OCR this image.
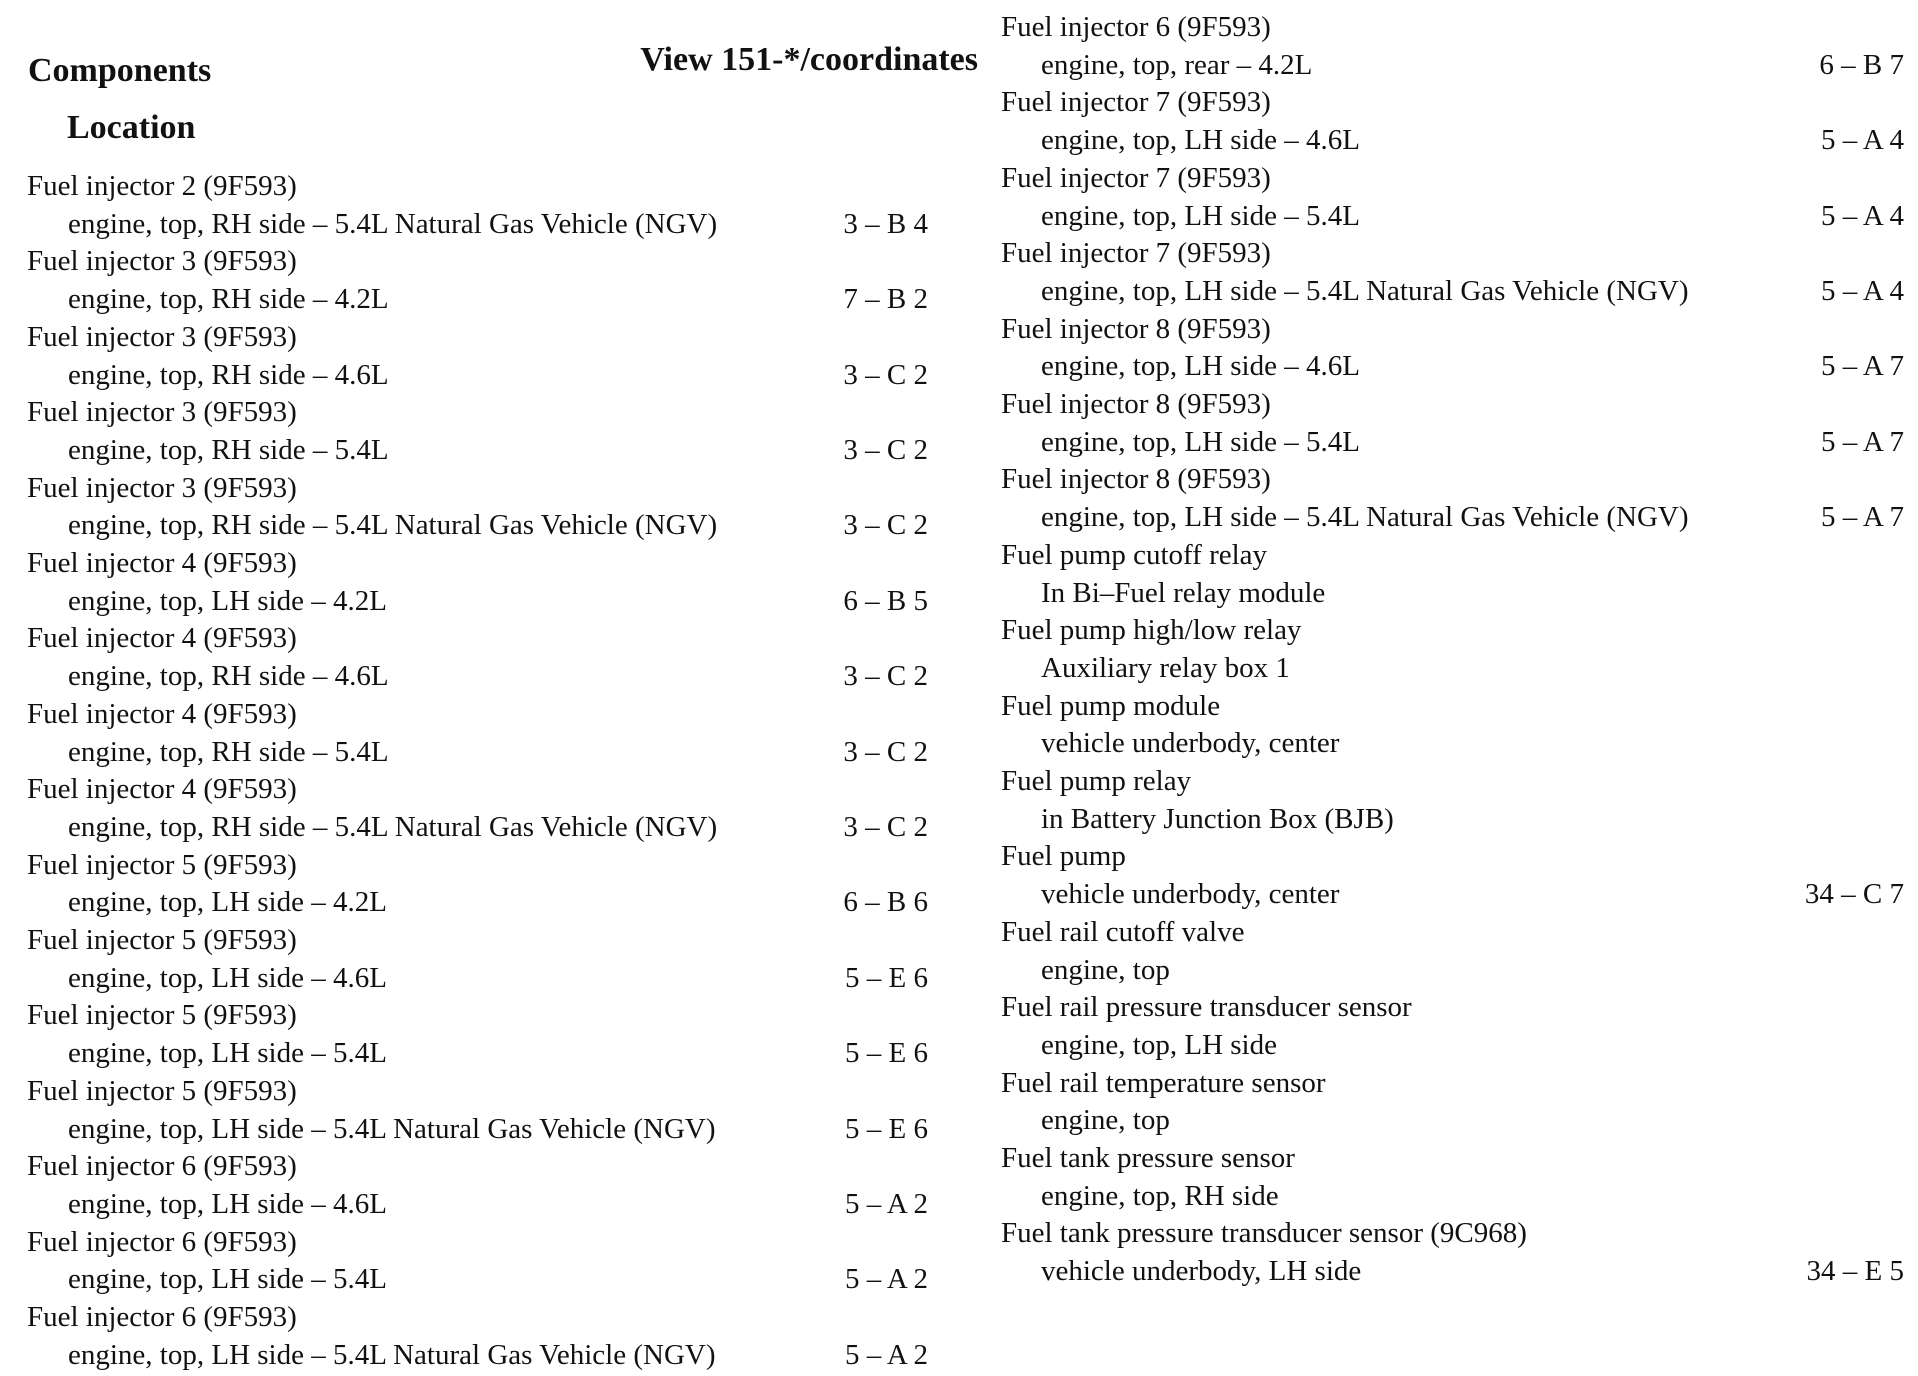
Components
Location
View 151-*/coordinates
Fuel injector 2 (9F593)
engine, top, RH side – 5.4L Natural Gas Vehicle (NGV)	3 – B 4
Fuel injector 3 (9F593)
engine, top, RH side – 4.2L	7 – B 2
Fuel injector 3 (9F593)
engine, top, RH side – 4.6L	3 – C 2
Fuel injector 3 (9F593)
engine, top, RH side – 5.4L	3 – C 2
Fuel injector 3 (9F593)
engine, top, RH side – 5.4L Natural Gas Vehicle (NGV)	3 – C 2
Fuel injector 4 (9F593)
engine, top, LH side – 4.2L	6 – B 5
Fuel injector 4 (9F593)
engine, top, RH side – 4.6L	3 – C 2
Fuel injector 4 (9F593)
engine, top, RH side – 5.4L	3 – C 2
Fuel injector 4 (9F593)
engine, top, RH side – 5.4L Natural Gas Vehicle (NGV)	3 – C 2
Fuel injector 5 (9F593)
engine, top, LH side – 4.2L	6 – B 6
Fuel injector 5 (9F593)
engine, top, LH side – 4.6L	5 – E 6
Fuel injector 5 (9F593)
engine, top, LH side – 5.4L	5 – E 6
Fuel injector 5 (9F593)
engine, top, LH side – 5.4L Natural Gas Vehicle (NGV)	5 – E 6
Fuel injector 6 (9F593)
engine, top, LH side – 4.6L	5 – A 2
Fuel injector 6 (9F593)
engine, top, LH side – 5.4L	5 – A 2
Fuel injector 6 (9F593)
engine, top, LH side – 5.4L Natural Gas Vehicle (NGV)	5 – A 2
Fuel injector 6 (9F593)
engine, top, rear – 4.2L	6 – B 7
Fuel injector 7 (9F593)
engine, top, LH side – 4.6L	5 – A 4
Fuel injector 7 (9F593)
engine, top, LH side – 5.4L	5 – A 4
Fuel injector 7 (9F593)
engine, top, LH side – 5.4L Natural Gas Vehicle (NGV)	5 – A 4
Fuel injector 8 (9F593)
engine, top, LH side – 4.6L	5 – A 7
Fuel injector 8 (9F593)
engine, top, LH side – 5.4L	5 – A 7
Fuel injector 8 (9F593)
engine, top, LH side – 5.4L Natural Gas Vehicle (NGV)	5 – A 7
Fuel pump cutoff relay
In Bi–Fuel relay module
Fuel pump high/low relay
Auxiliary relay box 1
Fuel pump module
vehicle underbody, center
Fuel pump relay
in Battery Junction Box (BJB)
Fuel pump
vehicle underbody, center	34 – C 7
Fuel rail cutoff valve
engine, top
Fuel rail pressure transducer sensor
engine, top, LH side
Fuel rail temperature sensor
engine, top
Fuel tank pressure sensor
engine, top, RH side
Fuel tank pressure transducer sensor (9C968)
vehicle underbody, LH side	34 – E 5
